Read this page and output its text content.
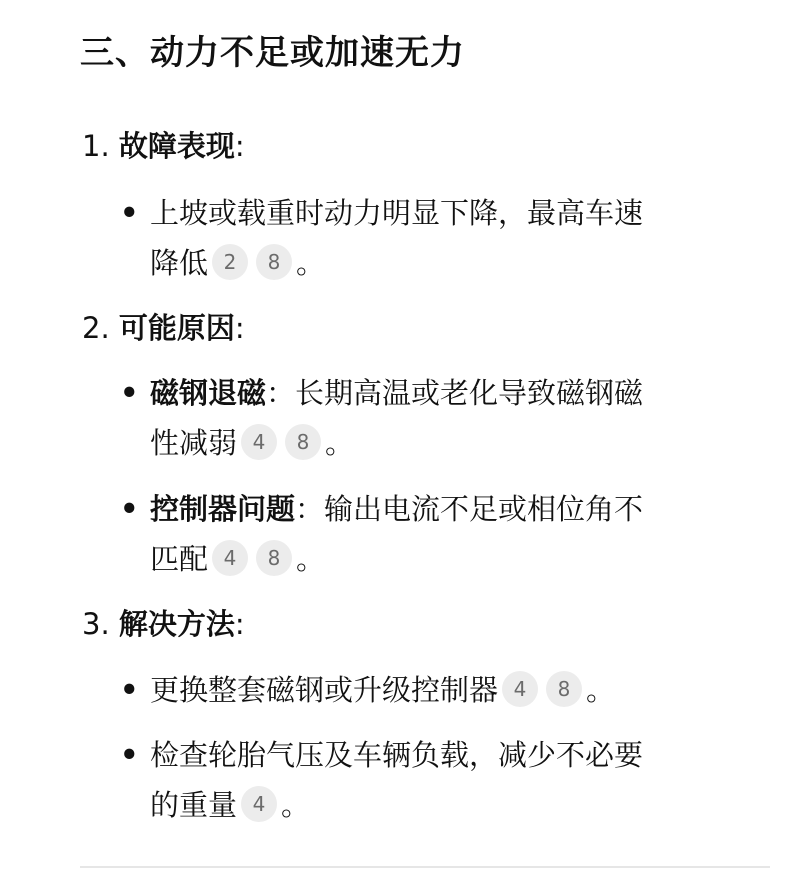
三、动力不足或加速无力
1. 故障表现:
• 上坡或载重时动力明显下降，最高车速
降低 2 8 。
2. 可能原因:
• 磁钢退磁：长期高温或老化导致磁钢磁
性减弱 4 8 。
• 控制器问题：输出电流不足或相位角不
匹配 4 8 。
3. 解决方法:
• 更换整套磁钢或升级控制器 4 8 。
• 检查轮胎气压及车辆负载，减少不必要
的重量 4 。
